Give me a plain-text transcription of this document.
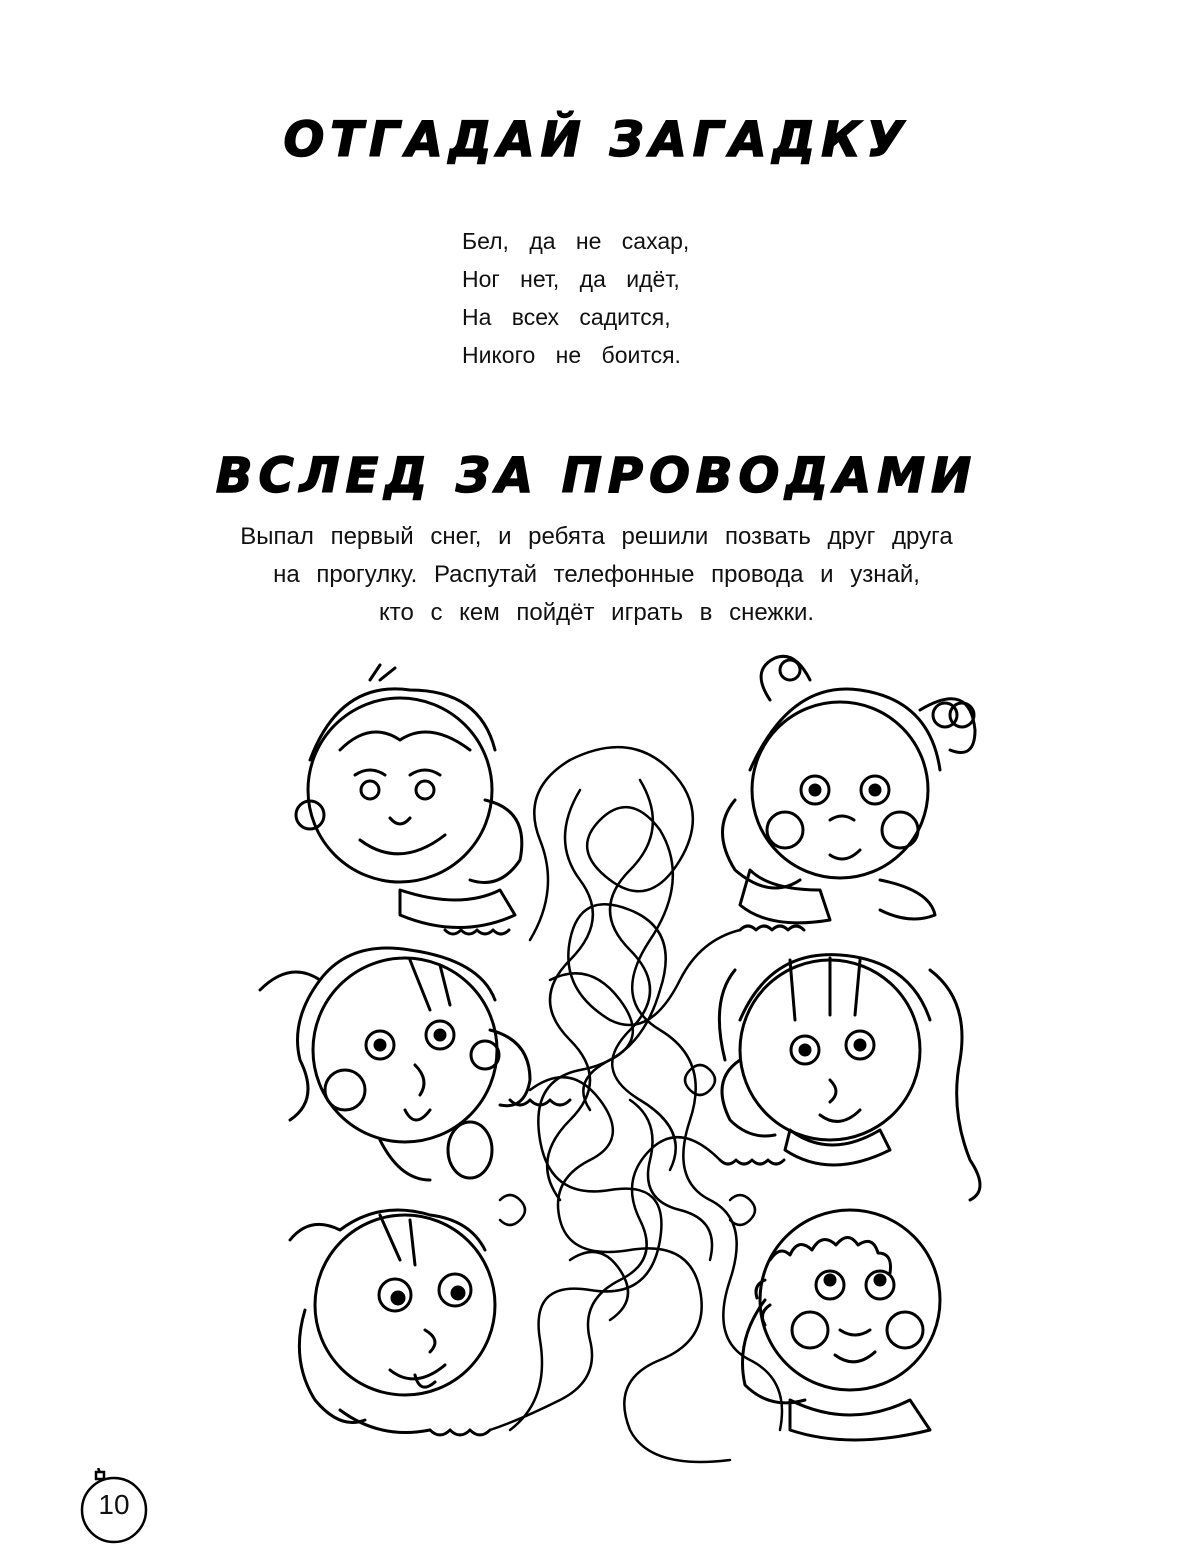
ОТГАДАЙ ЗАГАДКУ
Бел, да не сахар,
Ног нет, да идёт,
На всех садится,
Никого не боится.
ВСЛЕД ЗА ПРОВОДАМИ
Выпал первый снег, и ребята решили позвать друг друга
на прогулку. Распутай телефонные провода и узнай,
кто с кем пойдёт играть в снежки.
10
